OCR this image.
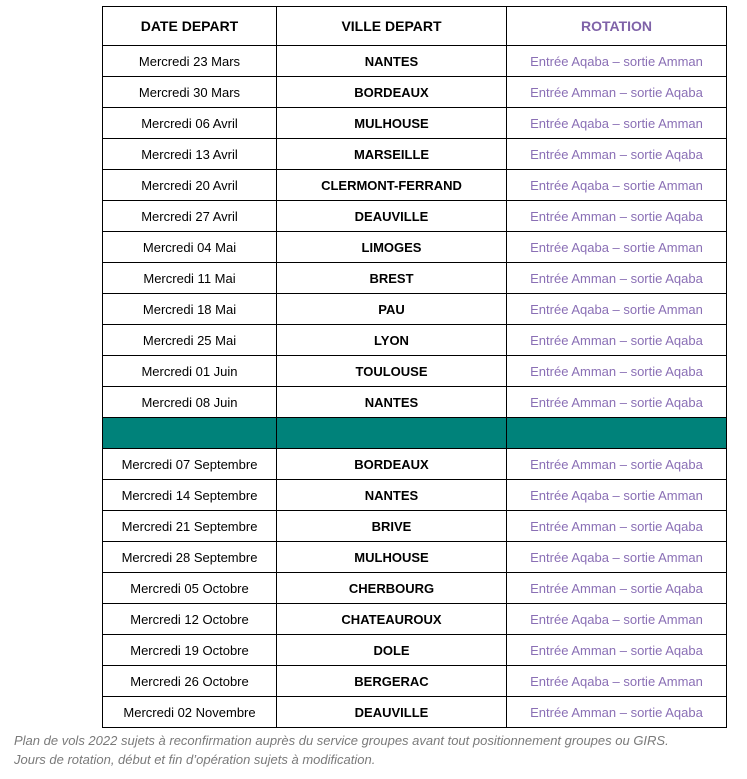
DATE DEPART	VILLE DEPART	ROTATION
Mercredi 23 Mars	NANTES	Entrée Aqaba – sortie Amman
Mercredi 30 Mars	BORDEAUX	Entrée Amman – sortie Aqaba
Mercredi 06 Avril	MULHOUSE	Entrée Aqaba – sortie Amman
Mercredi 13 Avril	MARSEILLE	Entrée Amman – sortie Aqaba
Mercredi 20 Avril	CLERMONT-FERRAND	Entrée Aqaba – sortie Amman
Mercredi 27 Avril	DEAUVILLE	Entrée Amman – sortie Aqaba
Mercredi 04 Mai	LIMOGES	Entrée Aqaba – sortie Amman
Mercredi 11 Mai	BREST	Entrée Amman – sortie Aqaba
Mercredi 18 Mai	PAU	Entrée Aqaba – sortie Amman
Mercredi 25 Mai	LYON	Entrée Amman – sortie Aqaba
Mercredi 01 Juin	TOULOUSE	Entrée Amman – sortie Aqaba
Mercredi 08 Juin	NANTES	Entrée Amman – sortie Aqaba

Mercredi 07 Septembre	BORDEAUX	Entrée Amman – sortie Aqaba
Mercredi 14 Septembre	NANTES	Entrée Aqaba – sortie Amman
Mercredi 21 Septembre	BRIVE	Entrée Amman – sortie Aqaba
Mercredi 28 Septembre	MULHOUSE	Entrée Aqaba – sortie Amman
Mercredi 05 Octobre	CHERBOURG	Entrée Amman – sortie Aqaba
Mercredi 12 Octobre	CHATEAUROUX	Entrée Aqaba – sortie Amman
Mercredi 19 Octobre	DOLE	Entrée Amman – sortie Aqaba
Mercredi 26 Octobre	BERGERAC	Entrée Aqaba – sortie Amman
Mercredi 02 Novembre	DEAUVILLE	Entrée Amman – sortie Aqaba
Plan de vols 2022 sujets à reconfirmation auprès du service groupes avant tout positionnement groupes ou GIRS. Jours de rotation, début et fin d’opération sujets à modification.
